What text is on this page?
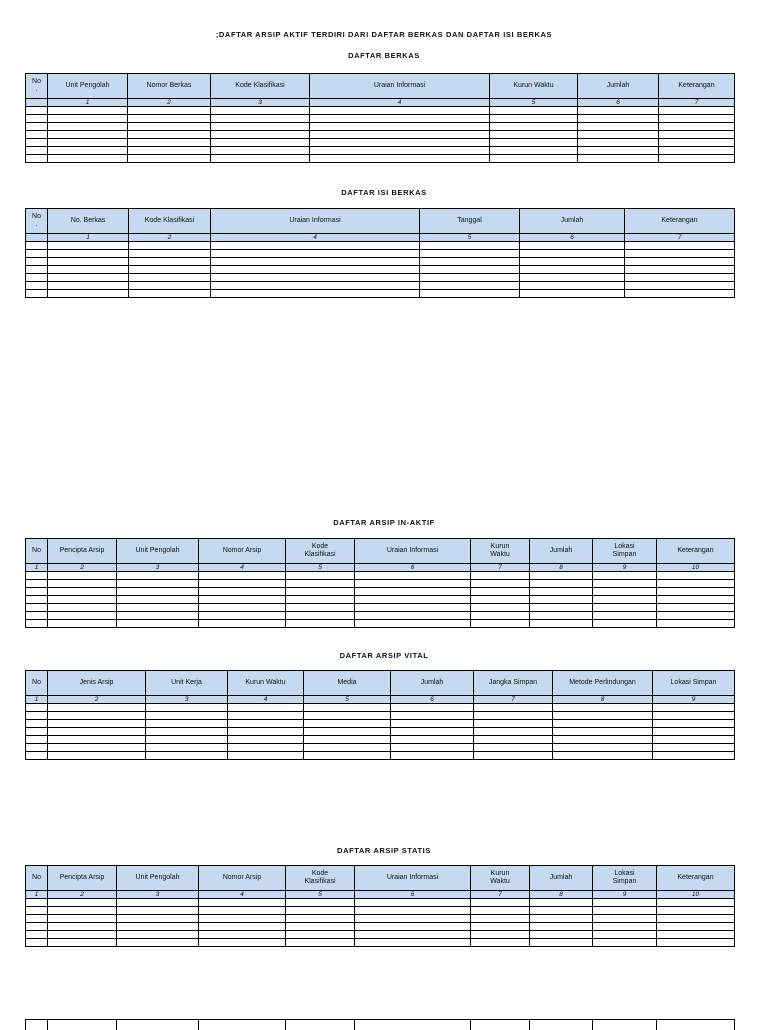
;DAFTAR ARSIP AKTIF TERDIRI DARI DAFTAR BERKAS DAN DAFTAR ISI BERKAS
DAFTAR BERKAS
No
.	Unit Pengolah	Nomor Berkas	Kode Klasifikasi	Uraian Informasi	Kurun Waktu	Jumlah	Keterangan
	1	2	3	4	5	6	7

DAFTAR ISI BERKAS
No
.	No. Berkas	Kode Klasifikasi	Uraian Informasi	Tanggal	Jumlah	Keterangan
	1	2	4	5	6	7

DAFTAR ARSIP IN-AKTIF
No	Pencipta Arsip	Unit Pengolah	Nomor Arsip	Kode
Klasifikasi	Uraian Informasi	Kurun
Waktu	Jumlah	Lokasi
Simpan	Keterangan
1	2	3	4	5	6	7	8	9	10

DAFTAR ARSIP VITAL
No	Jenis Arsip	Unit Kerja	Kurun Waktu	Media	Jumlah	Jangka Simpan	Metode Perlindungan	Lokasi Simpan
1	2	3	4	5	6	7	8	9

DAFTAR ARSIP STATIS
No	Pencipta Arsip	Unit Pengolah	Nomor Arsip	Kode
Klasifikasi	Uraian Informasi	Kurun
Waktu	Jumlah	Lokasi
Simpan	Keterangan
1	2	3	4	5	6	7	8	9	10
